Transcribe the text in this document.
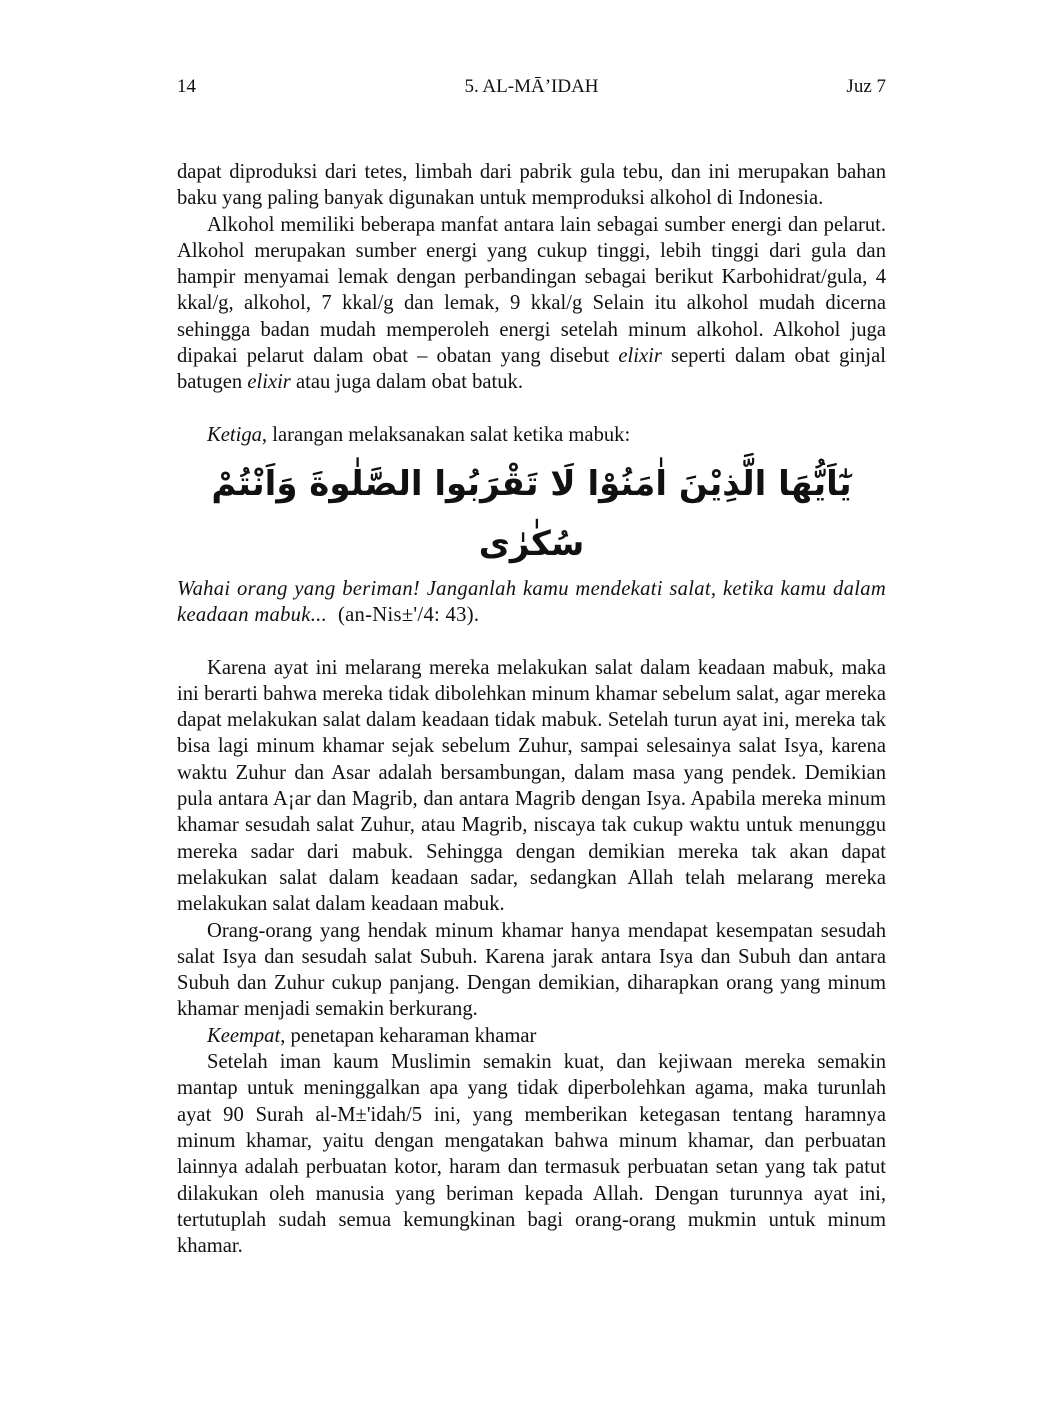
14	5. AL-MĀ’IDAH	Juz 7

dapat diproduksi dari tetes, limbah dari pabrik gula tebu, dan ini merupakan bahan baku yang paling banyak digunakan untuk memproduksi alkohol di Indonesia.

Alkohol memiliki beberapa manfat antara lain sebagai sumber energi dan pelarut. Alkohol merupakan sumber energi yang cukup tinggi, lebih tinggi dari gula dan hampir menyamai lemak dengan perbandingan sebagai berikut Karbohidrat/gula, 4 kkal/g, alkohol, 7 kkal/g dan lemak, 9 kkal/g Selain itu alkohol mudah dicerna sehingga badan mudah memperoleh energi setelah minum alkohol. Alkohol juga dipakai pelarut dalam obat – obatan yang disebut elixir seperti dalam obat ginjal batugen elixir atau juga dalam obat batuk.

Ketiga, larangan melaksanakan salat ketika mabuk:

يٰٓاَيُّهَا الَّذِيْنَ اٰمَنُوْا لَا تَقْرَبُوا الصَّلٰوةَ وَاَنْتُمْ سُكٰرٰى

Wahai orang yang beriman! Janganlah kamu mendekati salat, ketika kamu dalam keadaan mabuk...  (an-Nis±'/4: 43).

Karena ayat ini melarang mereka melakukan salat dalam keadaan mabuk, maka ini berarti bahwa mereka tidak dibolehkan minum khamar sebelum salat, agar mereka dapat melakukan salat dalam keadaan tidak mabuk. Setelah turun ayat ini, mereka tak bisa lagi minum khamar sejak sebelum Zuhur, sampai selesainya salat Isya, karena waktu Zuhur dan Asar adalah bersambungan, dalam masa yang pendek. Demikian pula antara A¡ar dan Magrib, dan antara Magrib dengan Isya. Apabila mereka minum khamar sesudah salat Zuhur, atau Magrib, niscaya tak cukup waktu untuk menunggu mereka sadar dari mabuk. Sehingga dengan demikian mereka tak akan dapat melakukan salat dalam keadaan sadar, sedangkan Allah telah melarang mereka melakukan salat dalam keadaan mabuk.

Orang-orang yang hendak minum khamar hanya mendapat kesempatan sesudah salat Isya dan sesudah salat Subuh. Karena jarak antara Isya dan Subuh dan antara Subuh dan Zuhur cukup panjang. Dengan demikian, diharapkan orang yang minum khamar menjadi semakin berkurang.

Keempat, penetapan keharaman khamar

Setelah iman kaum Muslimin semakin kuat, dan kejiwaan mereka semakin mantap untuk meninggalkan apa yang tidak diperbolehkan agama, maka turunlah ayat 90 Surah al-M±'idah/5 ini, yang memberikan ketegasan tentang haramnya minum khamar, yaitu dengan mengatakan bahwa minum khamar, dan perbuatan lainnya adalah perbuatan kotor, haram dan termasuk perbuatan setan yang tak patut dilakukan oleh manusia yang beriman kepada Allah. Dengan turunnya ayat ini, tertutuplah sudah semua kemungkinan bagi orang-orang mukmin untuk minum khamar.
